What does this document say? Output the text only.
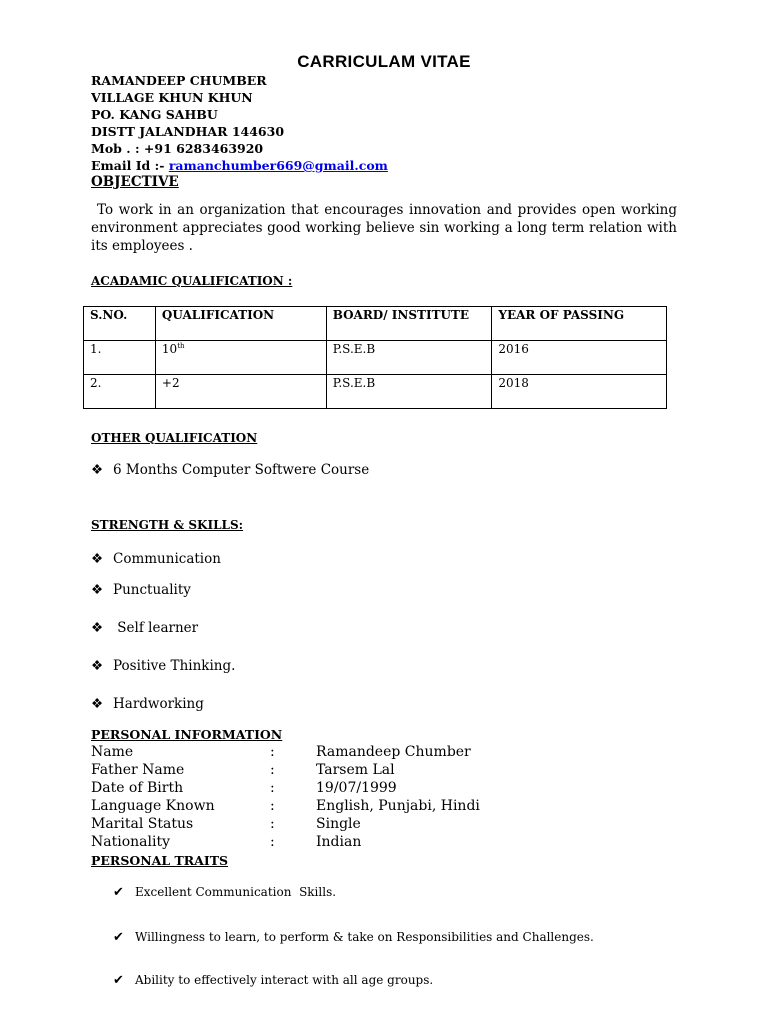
CARRICULAM VITAE
RAMANDEEP CHUMBER
VILLAGE KHUN KHUN
PO. KANG SAHBU
DISTT JALANDHAR 144630
Mob . : +91 6283463920
Email Id :- ramanchumber669@gmail.com
OBJECTIVE
To work in an organization that encourages innovation and provides open working environment appreciates good working believe sin working a long term relation with its employees .
ACADAMIC QUALIFICATION :
S.NO.	QUALIFICATION	BOARD/ INSTITUTE	YEAR OF PASSING
1.	10th	P.S.E.B	2016
2.	+2	P.S.E.B	2018
OTHER QUALIFICATION
❖ 6 Months Computer Softwere Course
STRENGTH & SKILLS:
❖ Communication
❖ Punctuality
❖ Self learner
❖ Positive Thinking.
❖ Hardworking
PERSONAL INFORMATION
Name	:	Ramandeep Chumber
Father Name	:	Tarsem Lal
Date of Birth	:	19/07/1999
Language Known	:	English, Punjabi, Hindi
Marital Status	:	Single
Nationality	:	Indian
PERSONAL TRAITS
✔ Excellent Communication  Skills.
✔ Willingness to learn, to perform & take on Responsibilities and Challenges.
✔ Ability to effectively interact with all age groups.
